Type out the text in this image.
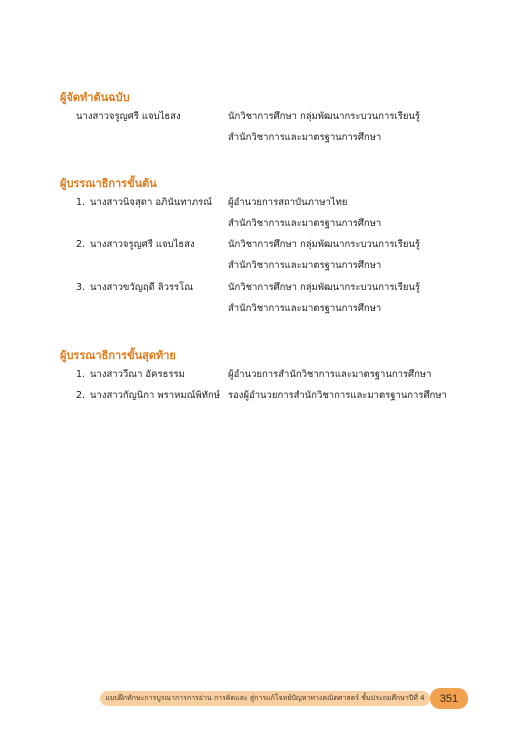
ผู้จัดทำต้นฉบับ
นางสาวจรูญศรี แจบไธสง	นักวิชาการศึกษา กลุ่มพัฒนากระบวนการเรียนรู้
สำนักวิชาการและมาตรฐานการศึกษา
ผู้บรรณาธิการขั้นต้น
1. นางสาวนิจสุดา อภินันทาภรณ์ ผู้อำนวยการสถาบันภาษาไทย
สำนักวิชาการและมาตรฐานการศึกษา
2. นางสาวจรูญศรี แจบไธสง	นักวิชาการศึกษา กลุ่มพัฒนากระบวนการเรียนรู้
สำนักวิชาการและมาตรฐานการศึกษา
3. นางสาวขวัญฤดี ลิวรรโณ	นักวิชาการศึกษา กลุ่มพัฒนากระบวนการเรียนรู้
สำนักวิชาการและมาตรฐานการศึกษา
ผู้บรรณาธิการขั้นสุดท้าย
1. นางสาววีณา อัครธรรม	ผู้อำนวยการสำนักวิชาการและมาตรฐานการศึกษา
2. นางสาวกัญนิกา พราหมณ์พิทักษ์ รองผู้อำนวยการสำนักวิชาการและมาตรฐานการศึกษา
แบบฝึกทักษะการบูรณาการการอ่าน การคิดและ สู่การแก้โจทย์ปัญหาทางคณิตศาสตร์ ชั้นประถมศึกษาปีที่ 4	351
